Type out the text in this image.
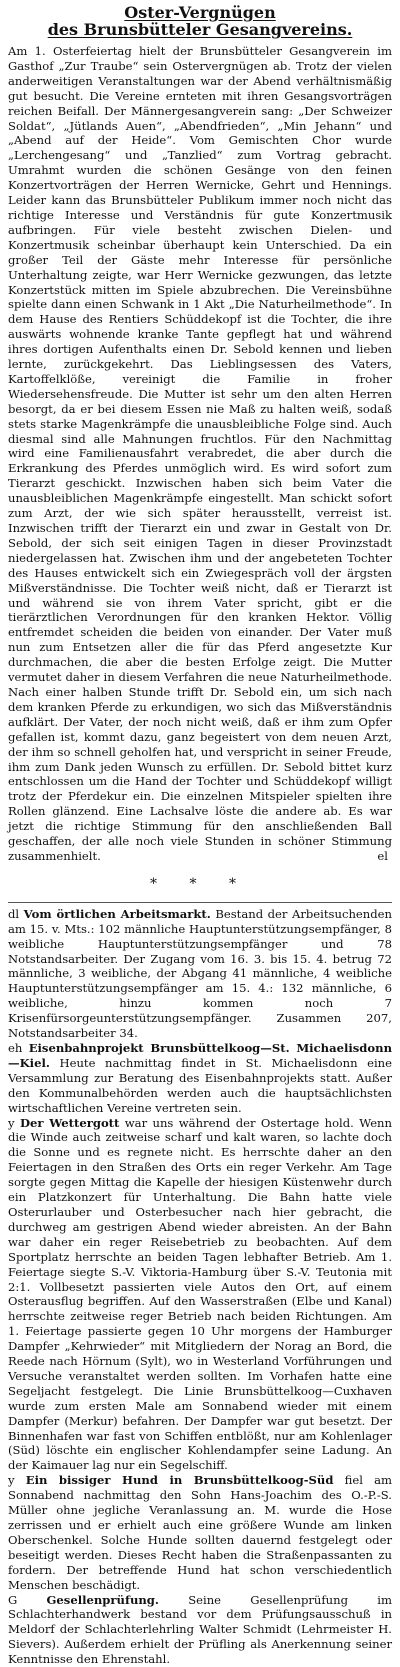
Oster-Vergnügen
des Brunsbütteler Gesangvereins.

Am 1. Osterfeiertag hielt der Brunsbütteler Gesangverein im Gasthof „Zur Traube“ sein Ostervergnügen ab. Trotz der vielen anderweitigen Veranstaltungen war der Abend verhältnismäßig gut besucht. Die Vereine ernteten mit ihren Gesangsvorträgen reichen Beifall. Der Männergesangverein sang: „Der Schweizer Soldat“, „Jütlands Auen“, „Abendfrieden“, „Min Jehann“ und „Abend auf der Heide“. Vom Gemischten Chor wurde „Lerchengesang“ und „Tanzlied“ zum Vortrag gebracht. Umrahmt wurden die schönen Gesänge von den feinen Konzertvorträgen der Herren Wernicke, Gehrt und Hennings. Leider kann das Brunsbütteler Publikum immer noch nicht das richtige Interesse und Verständnis für gute Konzertmusik aufbringen. Für viele besteht zwischen Dielen- und Konzertmusik scheinbar überhaupt kein Unterschied. Da ein großer Teil der Gäste mehr Interesse für persönliche Unterhaltung zeigte, war Herr Wernicke gezwungen, das letzte Konzertstück mitten im Spiele abzubrechen. Die Vereinsbühne spielte dann einen Schwank in 1 Akt „Die Naturheilmethode“. In dem Hause des Rentiers Schüddekopf ist die Tochter, die ihre auswärts wohnende kranke Tante gepflegt hat und während ihres dortigen Aufenthalts einen Dr. Sebold kennen und lieben lernte, zurückgekehrt. Das Lieblingsessen des Vaters, Kartoffelklöße, vereinigt die Familie in froher Wiedersehensfreude. Die Mutter ist sehr um den alten Herren besorgt, da er bei diesem Essen nie Maß zu halten weiß, sodaß stets starke Magenkrämpfe die unausbleibliche Folge sind. Auch diesmal sind alle Mahnungen fruchtlos. Für den Nachmittag wird eine Familienausfahrt verabredet, die aber durch die Erkrankung des Pferdes unmöglich wird. Es wird sofort zum Tierarzt geschickt. Inzwischen haben sich beim Vater die unausbleiblichen Magenkrämpfe eingestellt. Man schickt sofort zum Arzt, der wie sich später herausstellt, verreist ist. Inzwischen trifft der Tierarzt ein und zwar in Gestalt von Dr. Sebold, der sich seit einigen Tagen in dieser Provinzstadt niedergelassen hat. Zwischen ihm und der angebeteten Tochter des Hauses entwickelt sich ein Zwiegespräch voll der ärgsten Mißverständnisse. Die Tochter weiß nicht, daß er Tierarzt ist und während sie von ihrem Vater spricht, gibt er die tierärztlichen Verordnungen für den kranken Hektor. Völlig entfremdet scheiden die beiden von einander. Der Vater muß nun zum Entsetzen aller die für das Pferd angesetzte Kur durchmachen, die aber die besten Erfolge zeigt. Die Mutter vermutet daher in diesem Verfahren die neue Naturheilmethode. Nach einer halben Stunde trifft Dr. Sebold ein, um sich nach dem kranken Pferde zu erkundigen, wo sich das Mißverständnis aufklärt. Der Vater, der noch nicht weiß, daß er ihm zum Opfer gefallen ist, kommt dazu, ganz begeistert von dem neuen Arzt, der ihm so schnell geholfen hat, und verspricht in seiner Freude, ihm zum Dank jeden Wunsch zu erfüllen. Dr. Sebold bittet kurz entschlossen um die Hand der Tochter und Schüddekopf willigt trotz der Pferdekur ein. Die einzelnen Mitspieler spielten ihre Rollen glänzend. Eine Lachsalve löste die andere ab. Es war jetzt die richtige Stimmung für den anschließenden Ball geschaffen, der alle noch viele Stunden in schöner Stimmung zusammenhielt.	el
* * *

dl Vom örtlichen Arbeitsmarkt. Bestand der Arbeitsuchenden am 15. v. Mts.: 102 männliche Hauptunterstützungsempfänger, 8 weibliche Hauptunterstützungsempfänger und 78 Notstandsarbeiter. Der Zugang vom 16. 3. bis 15. 4. betrug 72 männliche, 3 weibliche, der Abgang 41 männliche, 4 weibliche Hauptunterstützungsempfänger am 15. 4.: 132 männliche, 6 weibliche, hinzu kommen noch 7 Krisenfürsorgeunterstützungsempfänger. Zusammen 207, Notstandsarbeiter 34.

eh Eisenbahnprojekt Brunsbüttelkoog—St. Michaelisdonn—Kiel. Heute nachmittag findet in St. Michaelisdonn eine Versammlung zur Beratung des Eisenbahnprojekts statt. Außer den Kommunalbehörden werden auch die hauptsächlichsten wirtschaftlichen Vereine vertreten sein.

y Der Wettergott war uns während der Ostertage hold. Wenn die Winde auch zeitweise scharf und kalt waren, so lachte doch die Sonne und es regnete nicht. Es herrschte daher an den Feiertagen in den Straßen des Orts ein reger Verkehr. Am Tage sorgte gegen Mittag die Kapelle der hiesigen Küstenwehr durch ein Platzkonzert für Unterhaltung. Die Bahn hatte viele Osterurlauber und Osterbesucher nach hier gebracht, die durchweg am gestrigen Abend wieder abreisten. An der Bahn war daher ein reger Reisebetrieb zu beobachten. Auf dem Sportplatz herrschte an beiden Tagen lebhafter Betrieb. Am 1. Feiertage siegte S.-V. Viktoria-Hamburg über S.-V. Teutonia mit 2:1. Vollbesetzt passierten viele Autos den Ort, auf einem Osterausflug begriffen. Auf den Wasserstraßen (Elbe und Kanal) herrschte zeitweise reger Betrieb nach beiden Richtungen. Am 1. Feiertage passierte gegen 10 Uhr morgens der Hamburger Dampfer „Kehrwieder“ mit Mitgliedern der Norag an Bord, die Reede nach Hörnum (Sylt), wo in Westerland Vorführungen und Versuche veranstaltet werden sollten. Im Vorhafen hatte eine Segeljacht festgelegt. Die Linie Brunsbüttelkoog—Cuxhaven wurde zum ersten Male am Sonnabend wieder mit einem Dampfer (Merkur) befahren. Der Dampfer war gut besetzt. Der Binnenhafen war fast von Schiffen entblößt, nur am Kohlenlager (Süd) löschte ein englischer Kohlendampfer seine Ladung. An der Kaimauer lag nur ein Segelschiff.

y Ein bissiger Hund in Brunsbüttelkoog-Süd fiel am Sonnabend nachmittag den Sohn Hans-Joachim des O.-P.-S. Müller ohne jegliche Veranlassung an. M. wurde die Hose zerrissen und er erhielt auch eine größere Wunde am linken Oberschenkel. Solche Hunde sollten dauernd festgelegt oder beseitigt werden. Dieses Recht haben die Straßenpassanten zu fordern. Der betreffende Hund hat schon verschiedentlich Menschen beschädigt.

G	Gesellenprüfung. Seine Gesellenprüfung im Schlachterhandwerk bestand vor dem Prüfungsausschuß in Meldorf der Schlachterlehrling Walter Schmidt (Lehrmeister H. Sievers). Außerdem erhielt der Prüfling als Anerkennung seiner Kenntnisse den Ehrenstahl.
